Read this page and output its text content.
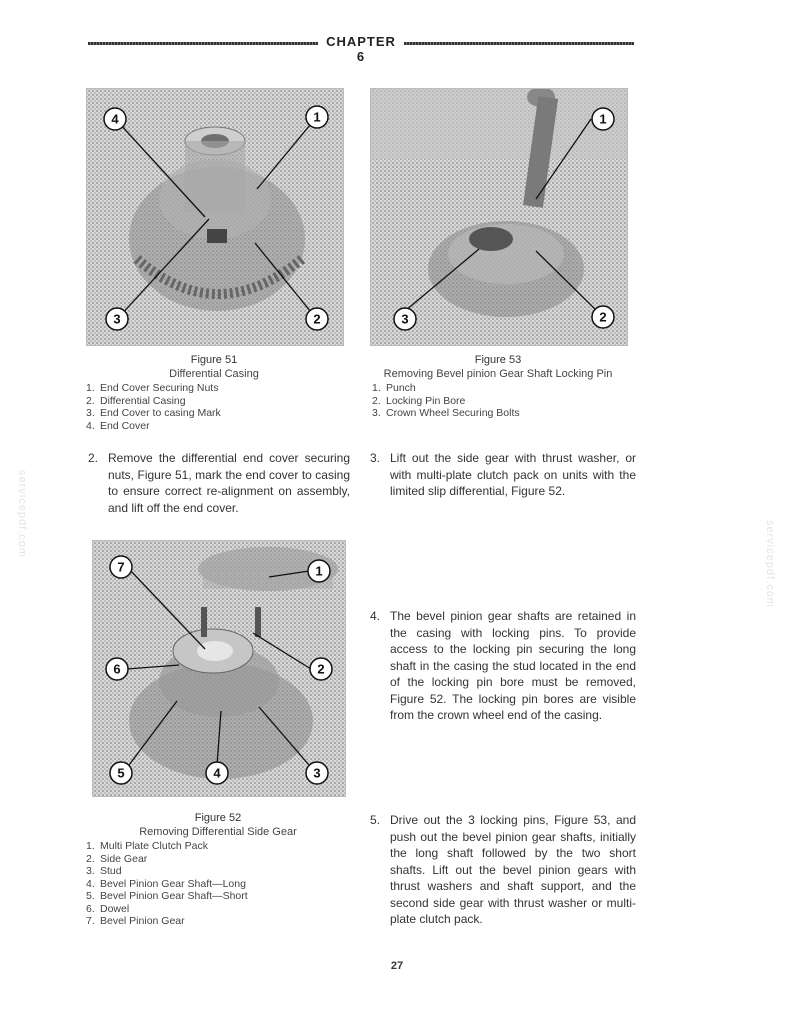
CHAPTER 6
servicepdf.com
servicepdf.com
4	1
3	2
1
3	2
Figure 51
Differential Casing
1. End Cover Securing Nuts
2. Differential Casing
3. End Cover to casing Mark
4. End Cover
Figure 53
Removing Bevel pinion Gear Shaft Locking Pin
1. Punch
2. Locking Pin Bore
3. Crown Wheel Securing Bolts
2. Remove the differential end cover securing nuts, Figure 51, mark the end cover to casing to ensure correct re-alignment on assembly, and lift off the end cover.
3. Lift out the side gear with thrust washer, or with multi-plate clutch pack on units with the limited slip differential, Figure 52.
7	1
6	2
5	4	3
4. The bevel pinion gear shafts are retained in the casing with locking pins. To provide access to the locking pin securing the long shaft in the casing the stud located in the end of the locking pin bore must be removed, Figure 52. The locking pin bores are visible from the crown wheel end of the casing.
Figure 52
Removing Differential Side Gear
1. Multi Plate Clutch Pack
2. Side Gear
3. Stud
4. Bevel Pinion Gear Shaft—Long
5. Bevel Pinion Gear Shaft—Short
6. Dowel
7. Bevel Pinion Gear
5. Drive out the 3 locking pins, Figure 53, and push out the bevel pinion gear shafts, initially the long shaft followed by the two short shafts. Lift out the bevel pinion gears with thrust washers and shaft support, and the second side gear with thrust washer or multi-plate clutch pack.
27
